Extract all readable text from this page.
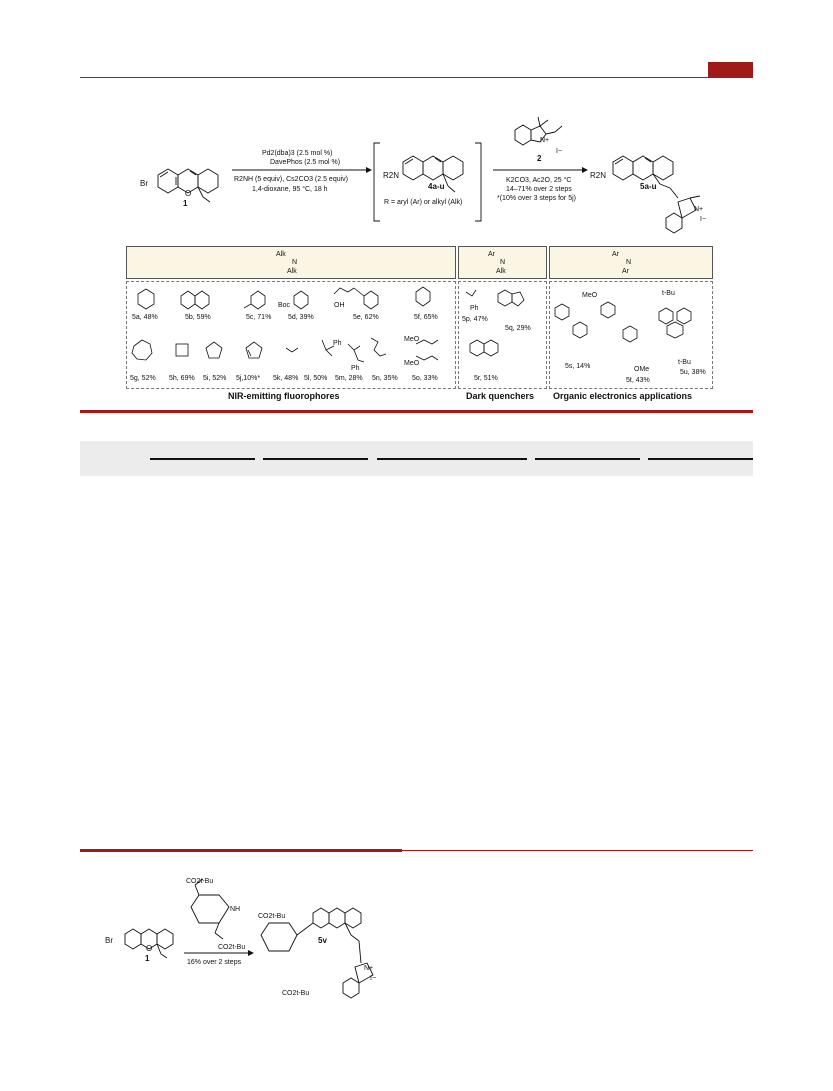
Br
O
1
Pd2(dba)3 (2.5 mol %)
DavePhos (2.5 mol %)
R2NH (5 equiv), Cs2CO3 (2.5 equiv)
1,4-dioxane, 95 °C, 18 h
R2N
4a-u
R = aryl (Ar) or alkyl (Alk)
N+
I−
2
K2CO3, Ac2O, 25 °C
14–71% over 2 steps
*(10% over 3 steps for 5j)
R2N
5a-u
N+
I−
Alk
N
Alk
Ar
N
Alk
Ar
N
Ar
Boc	OH
5a, 48%	5b, 59%	5c, 71% 5d, 39%	5e, 62%	5f, 65%
Ph
Ph
MeO
MeO
5g, 52% 5h, 69% 5i, 52% 5j,10%* 5k, 48% 5l, 50% 5m, 28% 5n, 35% 5o, 33%
Ph
5p, 47%
5q, 29%
5r, 51%
MeO	t-Bu
OMe
t-Bu
5s, 14%
5t, 43%
5u, 38%
NIR-emitting fluorophores	Dark quenchers Organic electronics applications
Br
O
1
CO2t-Bu
NH
CO2t-Bu
16% over 2 steps
CO2t-Bu
5v
CO2t-Bu
N+
I−
